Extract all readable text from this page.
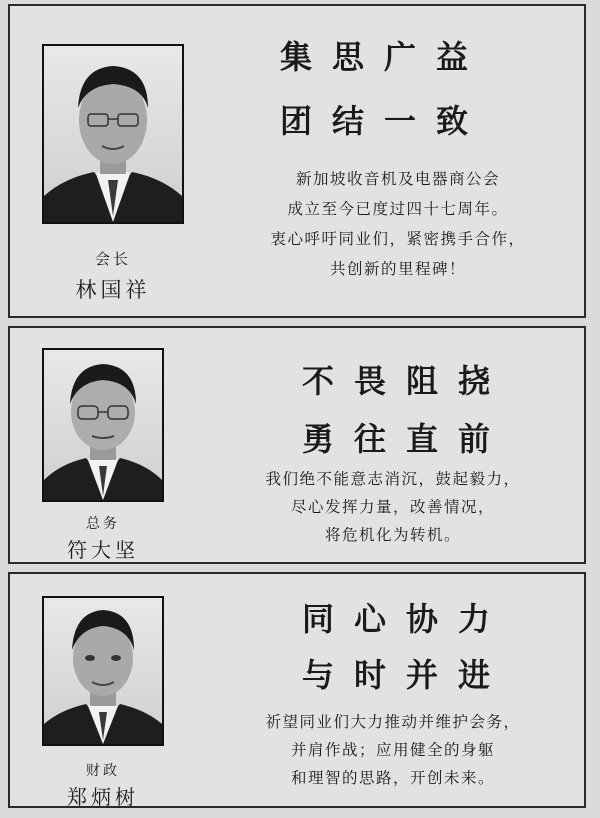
会长
林国祥
集思广益
团结一致
新加坡收音机及电器商公会
成立至今已度过四十七周年。
衷心呼吁同业们，紧密携手合作，
共创新的里程碑！
总务
符大坚
不畏阻挠
勇往直前
我们绝不能意志消沉，鼓起毅力，
尽心发挥力量，改善情况，
将危机化为转机。
财政
郑炳树
同心协力
与时并进
祈望同业们大力推动并维护会务，
并肩作战；应用健全的身躯
和理智的思路，开创未来。
